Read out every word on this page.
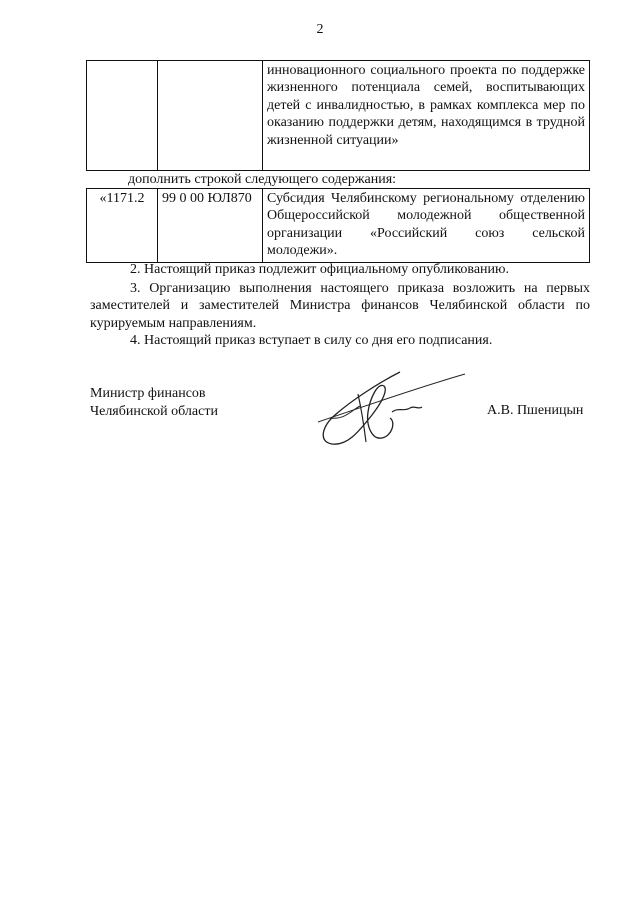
2
		инновационного социального проекта по поддержке жизненного потенциала семей, воспитывающих детей с инвалидностью, в рамках комплекса мер по оказанию поддержки детям, находящимся в трудной жизненной ситуации»
дополнить строкой следующего содержания:
«1171.2	99 0 00 ЮЛ870	Субсидия Челябинскому региональному отделению Общероссийской молодежной общественной организации «Российский союз сельской молодежи».
2. Настоящий приказ подлежит официальному опубликованию.
3. Организацию выполнения настоящего приказа возложить на первых заместителей и заместителей Министра финансов Челябинской области по курируемым направлениям.
4. Настоящий приказ вступает в силу со дня его подписания.
Министр финансов
Челябинской области	А.В. Пшеницын
